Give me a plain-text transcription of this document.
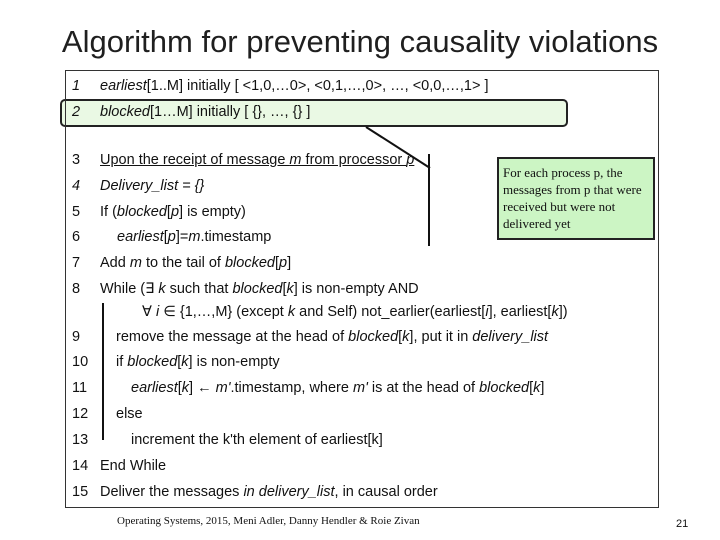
Algorithm for preventing causality violations
For each process p, the messages from p that were received but were not delivered yet
1 earliest[1..M] initially [ <1,0,…0>, <0,1,…,0>, …, <0,0,…,1> ]
2 blocked[1…M] initially [ {}, …, {} ]
3 Upon the receipt of message m from processor p
4 Delivery_list = {}
5 If (blocked[p] is empty)
6	earliest[p]=m.timestamp
7 Add m to the tail of blocked[p]
8 While (∃ k such that blocked[k] is non-empty AND
∀ i ∈ {1,…,M} (except k and Self) not_earlier(earliest[i], earliest[k])
9 remove the message at the head of blocked[k], put it in delivery_list
10 if blocked[k] is non-empty
11	earliest[k] ← m'.timestamp, where m' is at the head of blocked[k]
12 else
13	increment the k'th element of earliest[k]
14 End While
15 Deliver the messages in delivery_list, in causal order
Operating Systems, 2015, Meni Adler, Danny Hendler & Roie Zivan	21
